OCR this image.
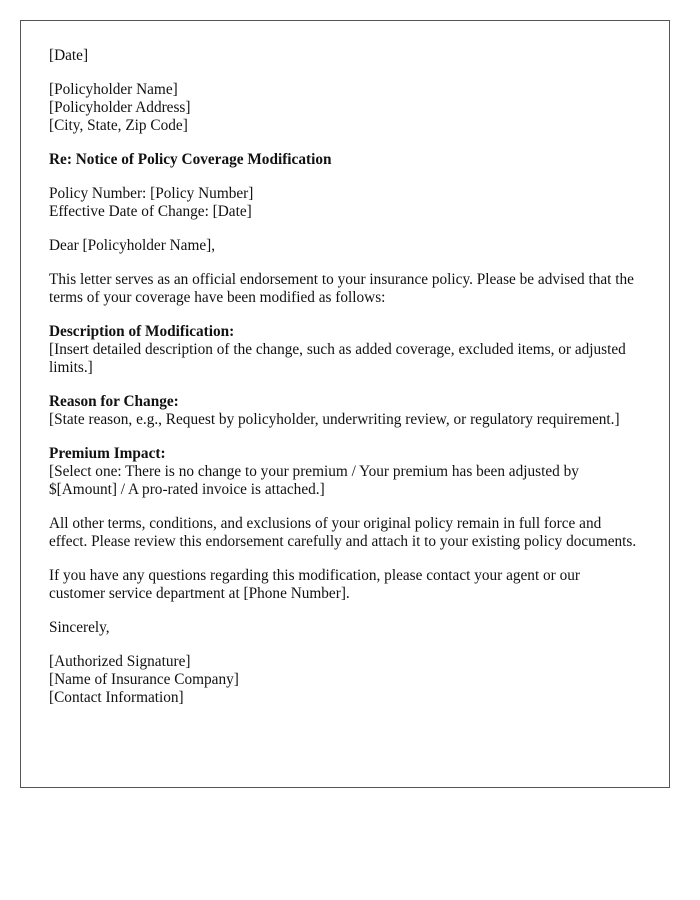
[Date]
[Policyholder Name]
[Policyholder Address]
[City, State, Zip Code]
Re: Notice of Policy Coverage Modification
Policy Number: [Policy Number]
Effective Date of Change: [Date]
Dear [Policyholder Name],
This letter serves as an official endorsement to your insurance policy. Please be advised that the terms of your coverage have been modified as follows:
Description of Modification:
[Insert detailed description of the change, such as added coverage, excluded items, or adjusted limits.]
Reason for Change:
[State reason, e.g., Request by policyholder, underwriting review, or regulatory requirement.]
Premium Impact:
[Select one: There is no change to your premium / Your premium has been adjusted by $[Amount] / A pro-rated invoice is attached.]
All other terms, conditions, and exclusions of your original policy remain in full force and effect. Please review this endorsement carefully and attach it to your existing policy documents.
If you have any questions regarding this modification, please contact your agent or our customer service department at [Phone Number].
Sincerely,
[Authorized Signature]
[Name of Insurance Company]
[Contact Information]
